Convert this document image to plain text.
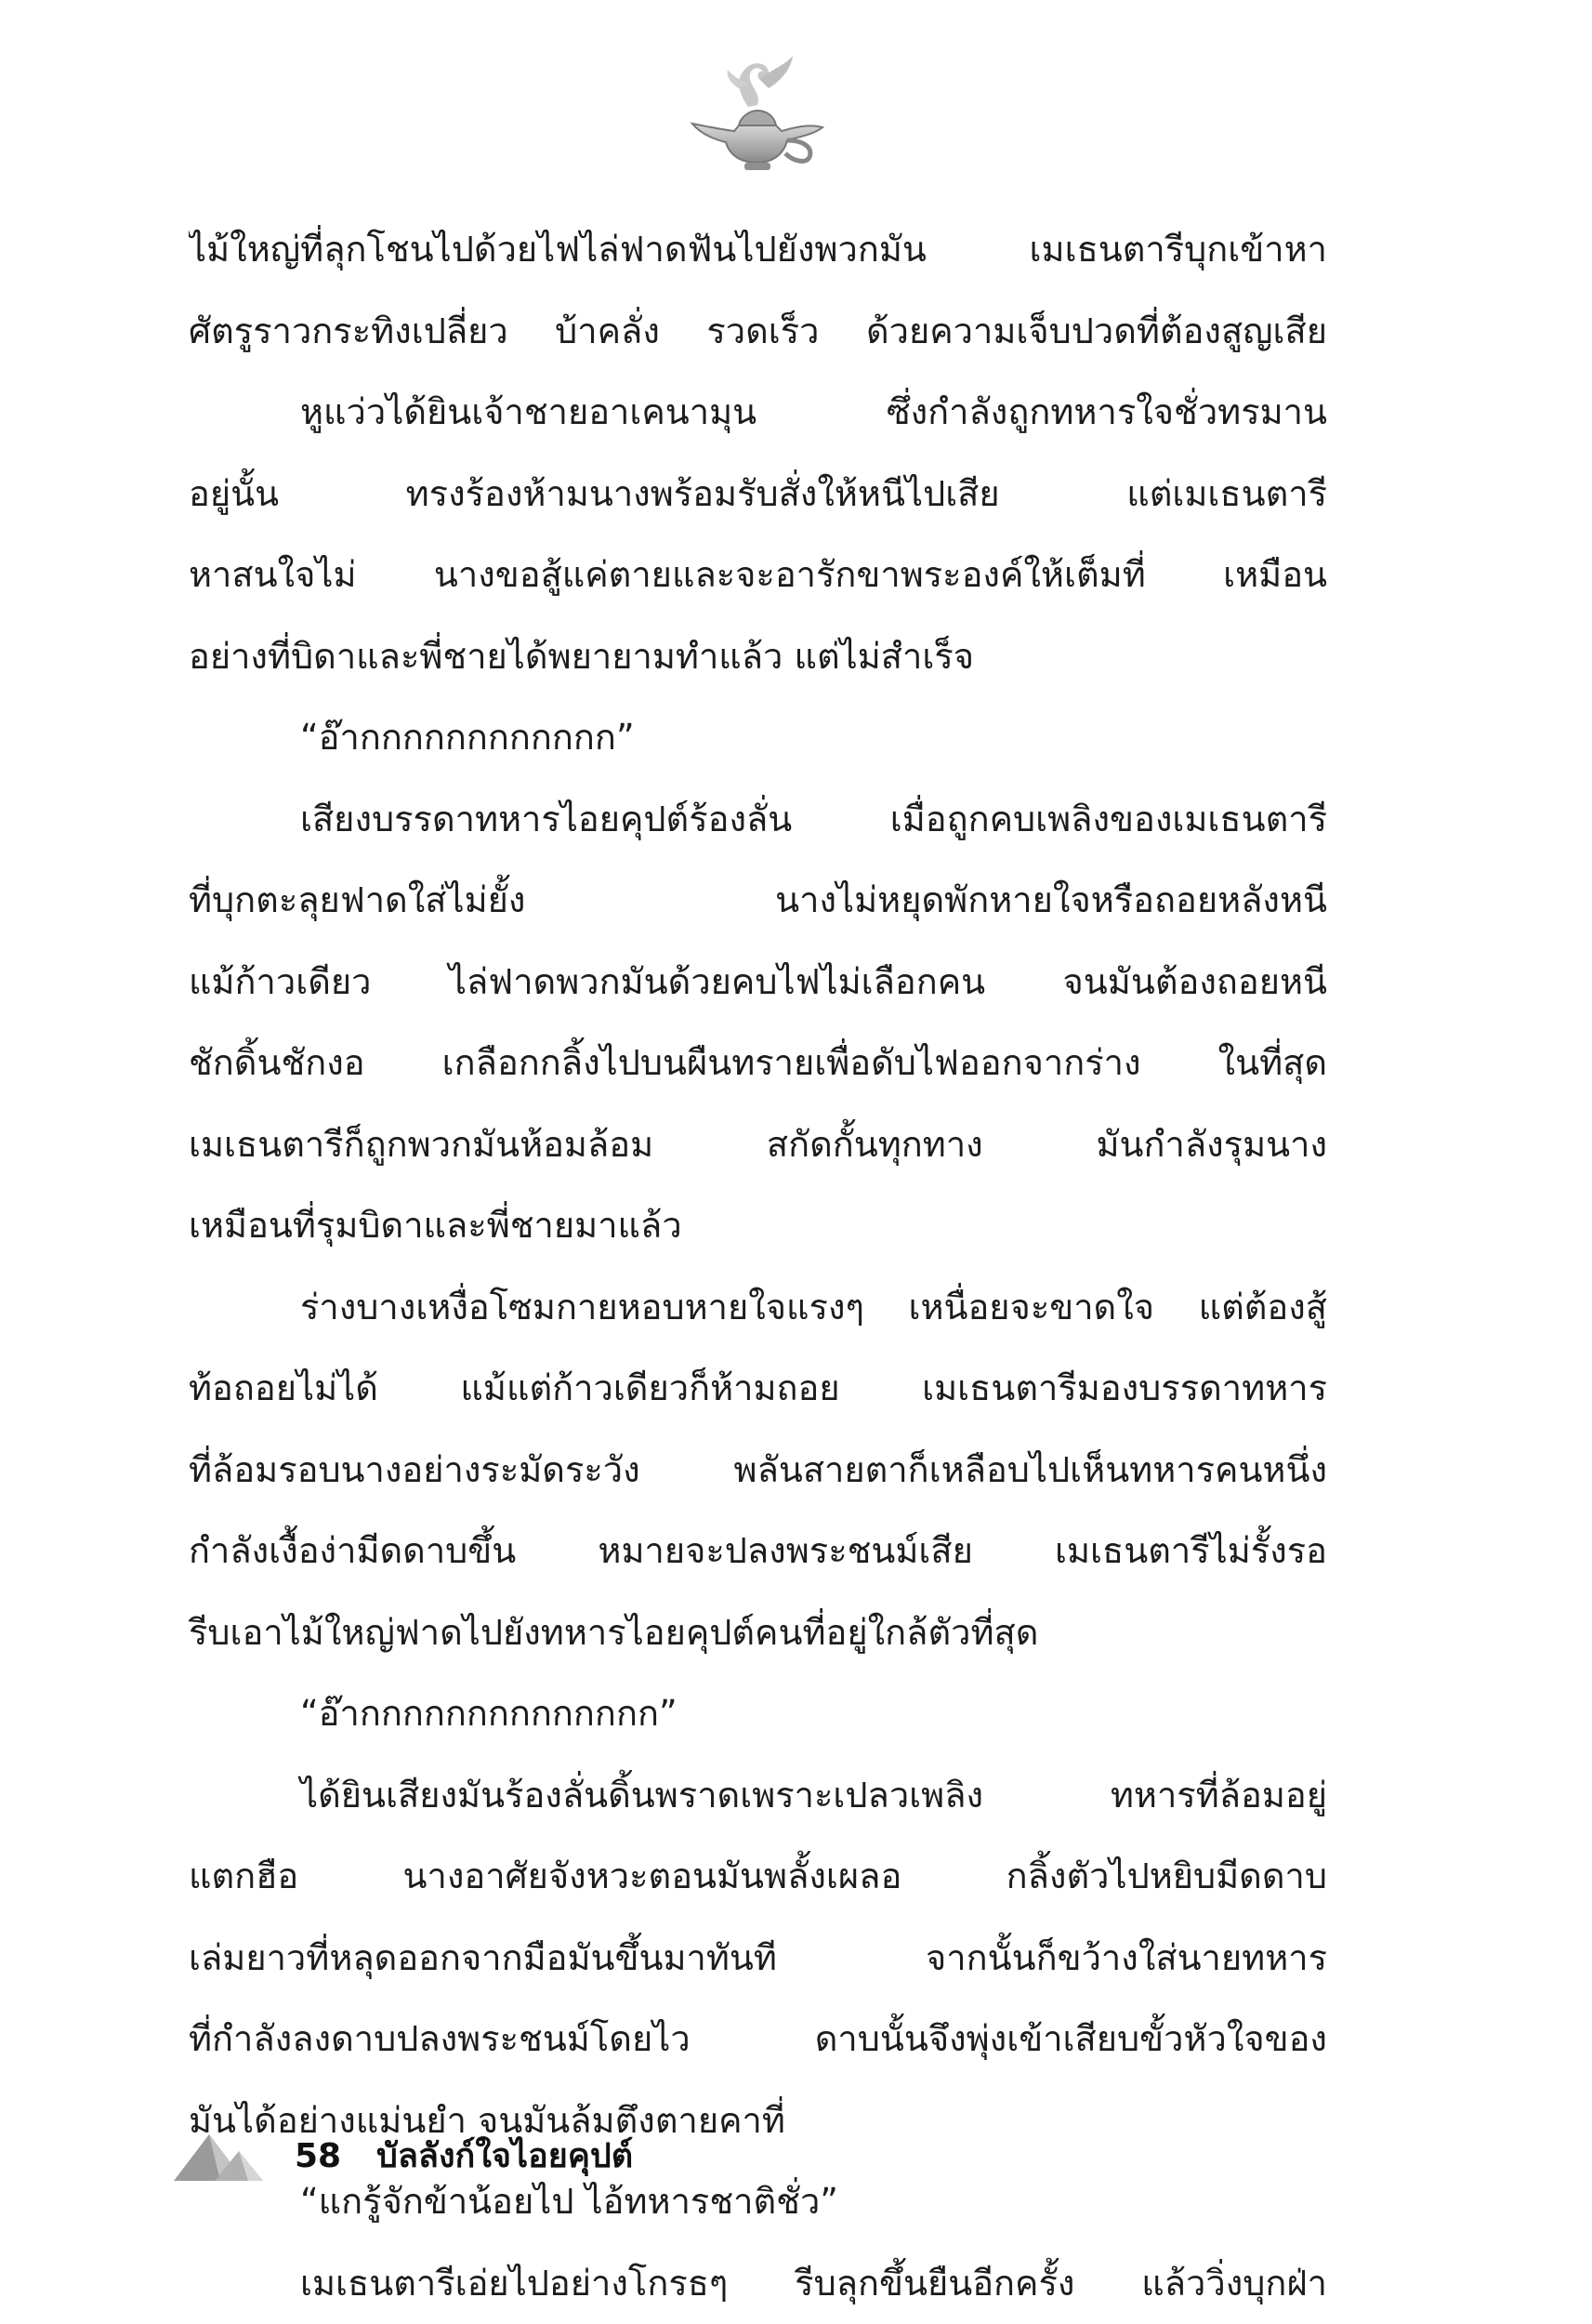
ไม้ใหญ่ที่ลุกโชนไปด้วยไฟไล่ฟาดฟันไปยังพวกมัน เมเธนตารีบุกเข้าหา
ศัตรูราวกระทิงเปลี่ยว บ้าคลั่ง รวดเร็ว ด้วยความเจ็บปวดที่ต้องสูญเสีย
หูแว่วได้ยินเจ้าชายอาเคนามุน ซึ่งกำลังถูกทหารใจชั่วทรมาน
อยู่นั้น ทรงร้องห้ามนางพร้อมรับสั่งให้หนีไปเสีย แต่เมเธนตารี
หาสนใจไม่ นางขอสู้แค่ตายและจะอารักขาพระองค์ให้เต็มที่ เหมือน
อย่างที่บิดาและพี่ชายได้พยายามทำแล้ว แต่ไม่สำเร็จ
“อ๊ากกกกกกกกกกกก”
เสียงบรรดาทหารไอยคุปต์ร้องลั่น เมื่อถูกคบเพลิงของเมเธนตารี
ที่บุกตะลุยฟาดใส่ไม่ยั้ง นางไม่หยุดพักหายใจหรือถอยหลังหนี
แม้ก้าวเดียว ไล่ฟาดพวกมันด้วยคบไฟไม่เลือกคน จนมันต้องถอยหนี
ชักดิ้นชักงอ เกลือกกลิ้งไปบนผืนทรายเพื่อดับไฟออกจากร่าง ในที่สุด
เมเธนตารีก็ถูกพวกมันห้อมล้อม สกัดกั้นทุกทาง มันกำลังรุมนาง
เหมือนที่รุมบิดาและพี่ชายมาแล้ว
ร่างบางเหงื่อโซมกายหอบหายใจแรงๆ เหนื่อยจะขาดใจ แต่ต้องสู้
ท้อถอยไม่ได้ แม้แต่ก้าวเดียวก็ห้ามถอย เมเธนตารีมองบรรดาทหาร
ที่ล้อมรอบนางอย่างระมัดระวัง พลันสายตาก็เหลือบไปเห็นทหารคนหนึ่ง
กำลังเงื้อง่ามีดดาบขึ้น หมายจะปลงพระชนม์เสีย เมเธนตารีไม่รั้งรอ
รีบเอาไม้ใหญ่ฟาดไปยังทหารไอยคุปต์คนที่อยู่ใกล้ตัวที่สุด
“อ๊ากกกกกกกกกกกกกก”
ได้ยินเสียงมันร้องลั่นดิ้นพราดเพราะเปลวเพลิง ทหารที่ล้อมอยู่
แตกฮือ นางอาศัยจังหวะตอนมันพลั้งเผลอ กลิ้งตัวไปหยิบมีดดาบ
เล่มยาวที่หลุดออกจากมือมันขึ้นมาทันที จากนั้นก็ขว้างใส่นายทหาร
ที่กำลังลงดาบปลงพระชนม์โดยไว ดาบนั้นจึงพุ่งเข้าเสียบขั้วหัวใจของ
มันได้อย่างแม่นยำ จนมันล้มตึงตายคาที่
“แกรู้จักข้าน้อยไป ไอ้ทหารชาติชั่ว”
เมเธนตารีเอ่ยไปอย่างโกรธๆ รีบลุกขึ้นยืนอีกครั้ง แล้ววิ่งบุกฝ่า
58 บัลลังก์ใจไอยคุปต์
